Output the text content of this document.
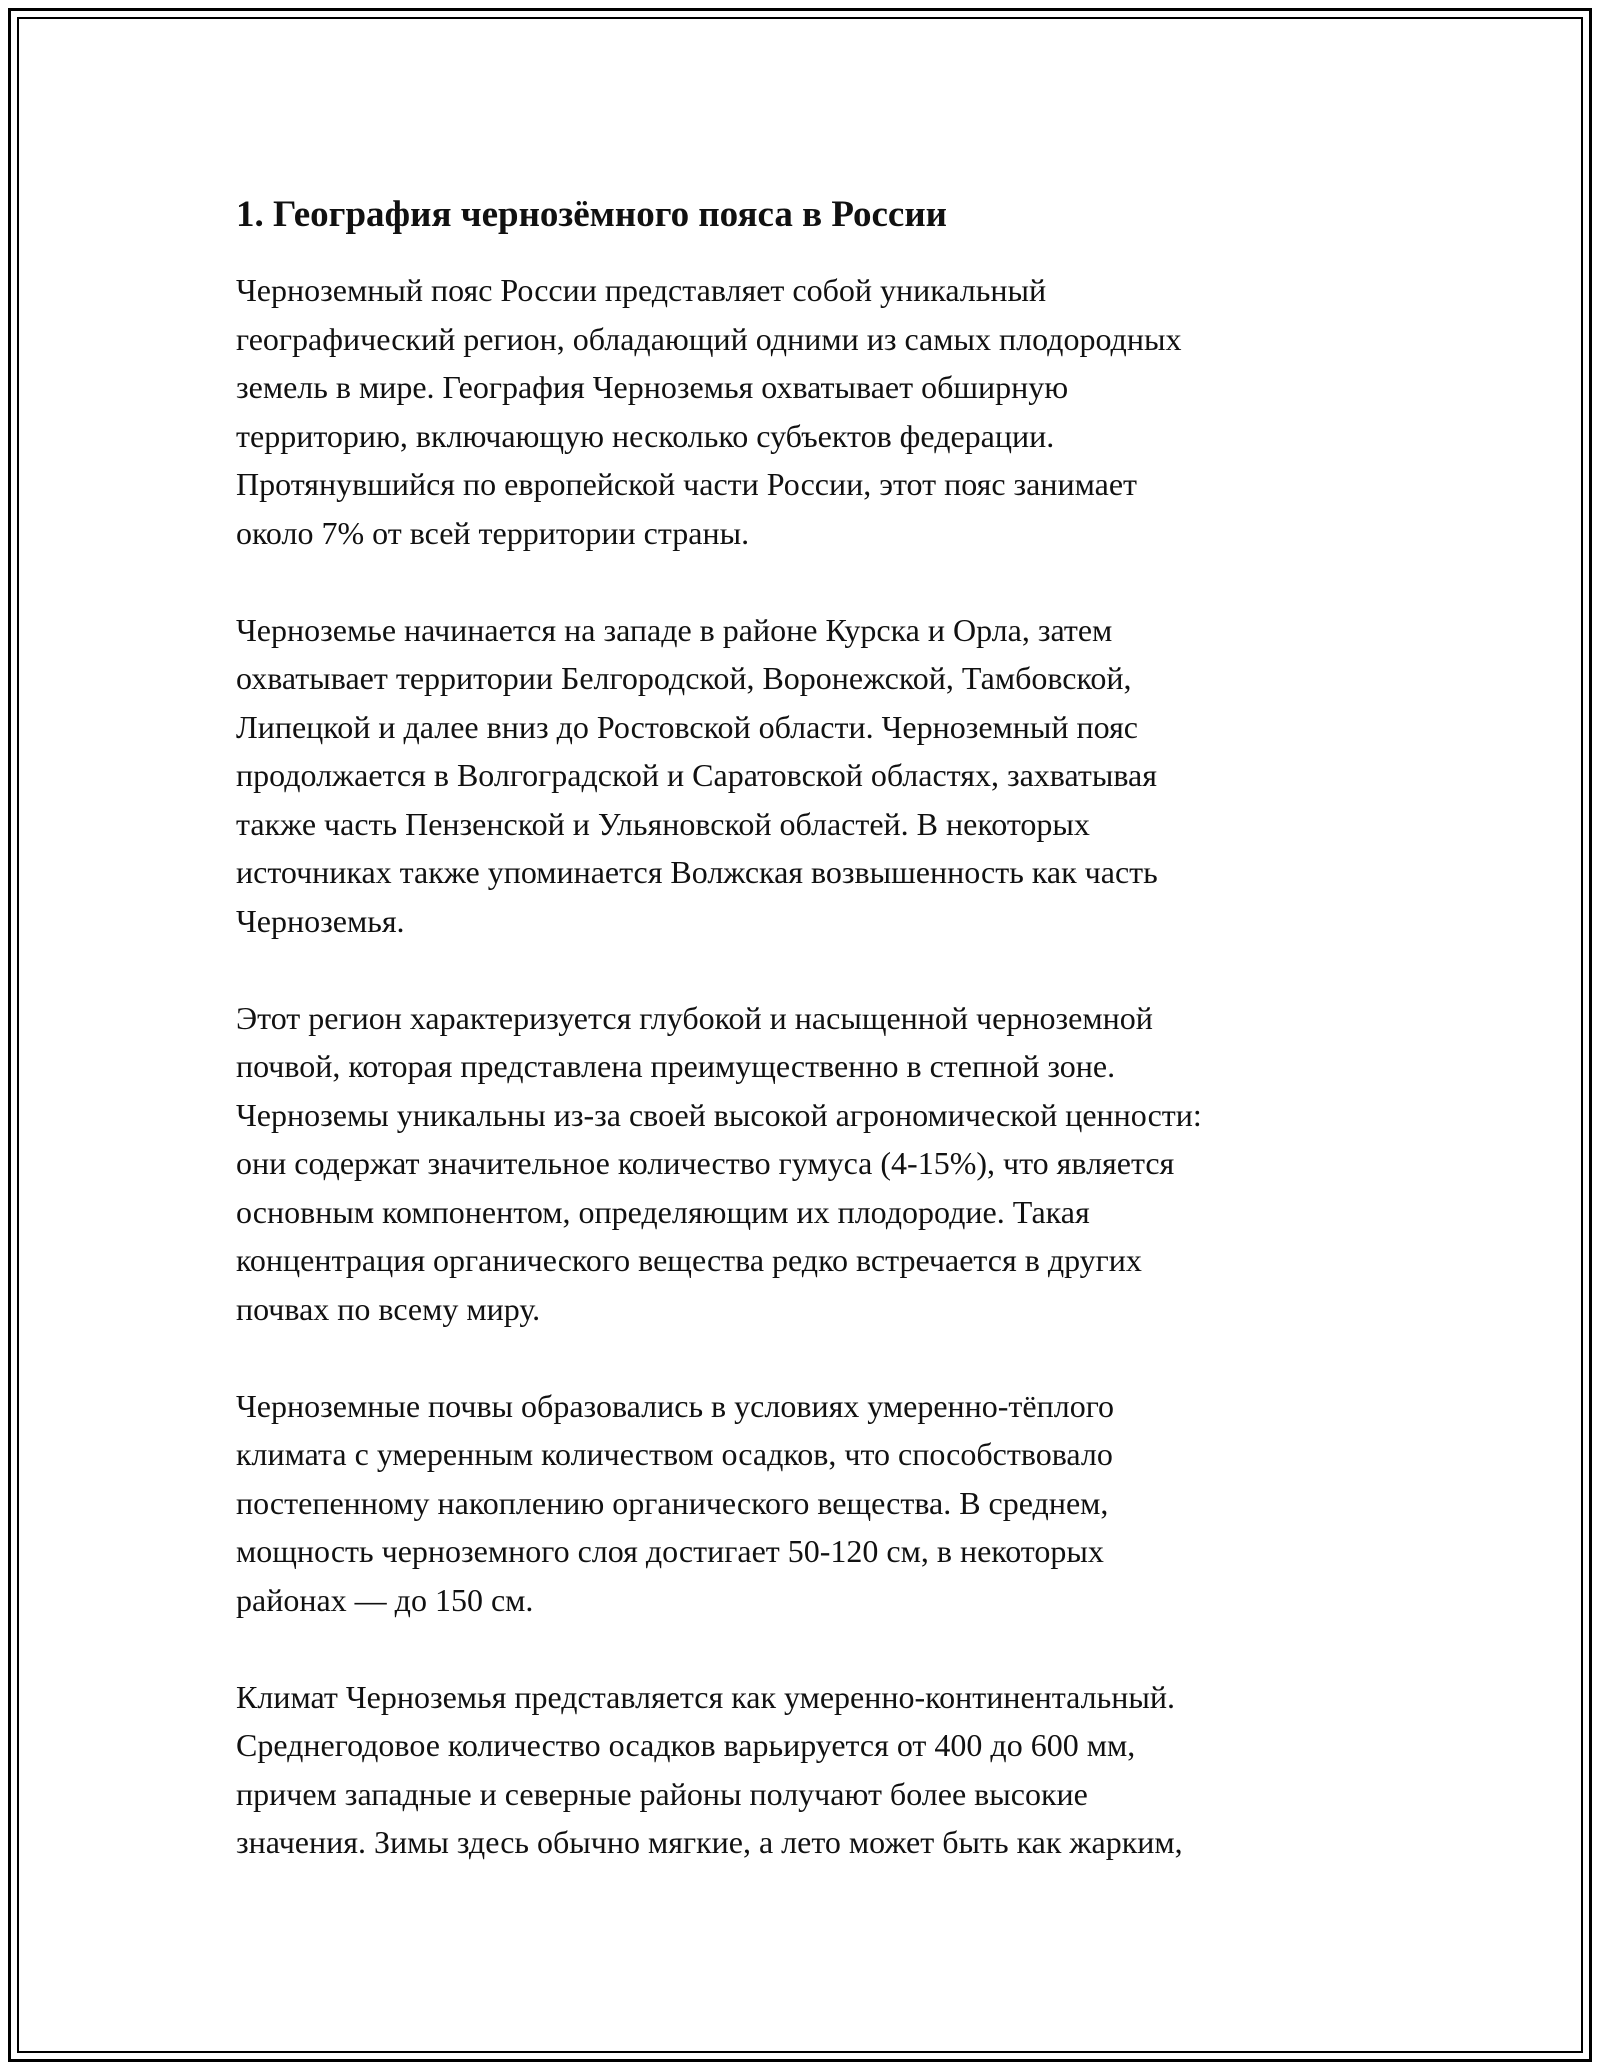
1. География чернозёмного пояса в России
Черноземный пояс России представляет собой уникальный
географический регион, обладающий одними из самых плодородных
земель в мире. География Черноземья охватывает обширную
территорию, включающую несколько субъектов федерации.
Протянувшийся по европейской части России, этот пояс занимает
около 7% от всей территории страны.
Черноземье начинается на западе в районе Курска и Орла, затем
охватывает территории Белгородской, Воронежской, Тамбовской,
Липецкой и далее вниз до Ростовской области. Черноземный пояс
продолжается в Волгоградской и Саратовской областях, захватывая
также часть Пензенской и Ульяновской областей. В некоторых
источниках также упоминается Волжская возвышенность как часть
Черноземья.
Этот регион характеризуется глубокой и насыщенной черноземной
почвой, которая представлена преимущественно в степной зоне.
Черноземы уникальны из-за своей высокой агрономической ценности:
они содержат значительное количество гумуса (4-15%), что является
основным компонентом, определяющим их плодородие. Такая
концентрация органического вещества редко встречается в других
почвах по всему миру.
Черноземные почвы образовались в условиях умеренно-тёплого
климата с умеренным количеством осадков, что способствовало
постепенному накоплению органического вещества. В среднем,
мощность черноземного слоя достигает 50-120 см, в некоторых
районах — до 150 см.
Климат Черноземья представляется как умеренно-континентальный.
Среднегодовое количество осадков варьируется от 400 до 600 мм,
причем западные и северные районы получают более высокие
значения. Зимы здесь обычно мягкие, а лето может быть как жарким,
